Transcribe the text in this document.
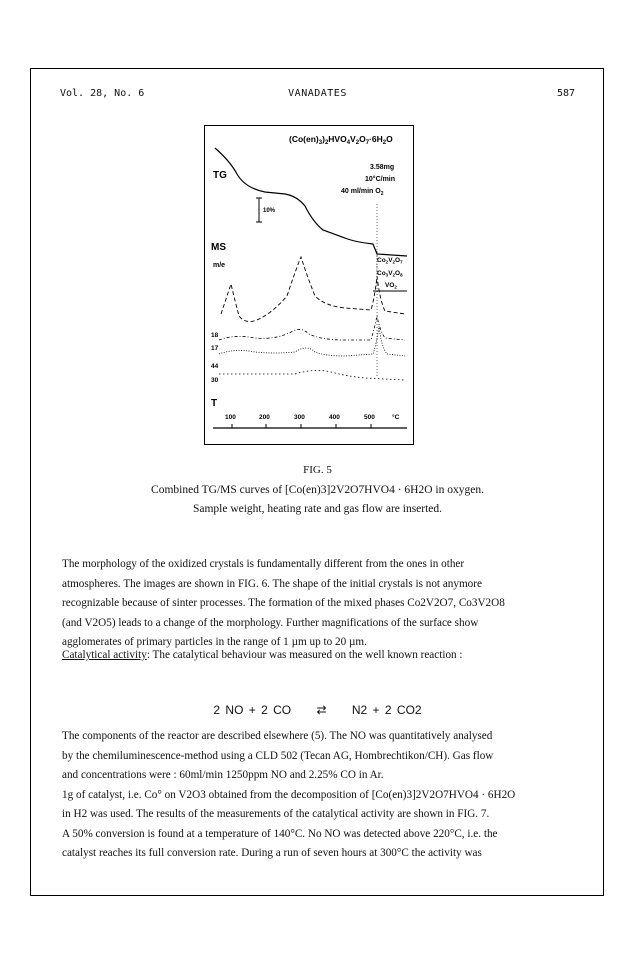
Vol. 28, No. 6	VANADATES	587
$(Co(en)_3)_2HVO_4V_2O_7\cdot 6H_2O$
3.58mg
10°C/min
40 ml/min $O_2$
TG
10%
MS
m/e
$Co_2V_2O_7$
$Co_3V_2O_8$
$VO_2$
18
17
44
30
T
100	200	300	400	500	°C
FIG. 5
Combined TG/MS curves of [Co(en)3]2V2O7HVO4 · 6H2O in oxygen.
Sample weight, heating rate and gas flow are inserted.
The morphology of the oxidized crystals is fundamentally different from the ones in other
atmospheres. The images are shown in FIG. 6. The shape of the initial crystals is not anymore
recognizable because of sinter processes. The formation of the mixed phases Co2V2O7, Co3V2O8
(and V2O5) leads to a change of the morphology. Further magnifications of the surface show
agglomerates of primary particles in the range of 1 µm up to 20 µm.
Catalytical activity: The catalytical behaviour was measured on the well known reaction :
2 NO + 2 CO ⇄ N2 + 2 CO2
The components of the reactor are described elsewhere (5). The NO was quantitatively analysed
by the chemiluminescence-method using a CLD 502 (Tecan AG, Hombrechtikon/CH). Gas flow
and concentrations were : 60ml/min 1250ppm NO and 2.25% CO in Ar.
1g of catalyst, i.e. Co° on V2O3 obtained from the decomposition of [Co(en)3]2V2O7HVO4 · 6H2O
in H2 was used. The results of the measurements of the catalytical activity are shown in FIG. 7.
A 50% conversion is found at a temperature of 140°C. No NO was detected above 220°C, i.e. the
catalyst reaches its full conversion rate. During a run of seven hours at 300°C the activity was
